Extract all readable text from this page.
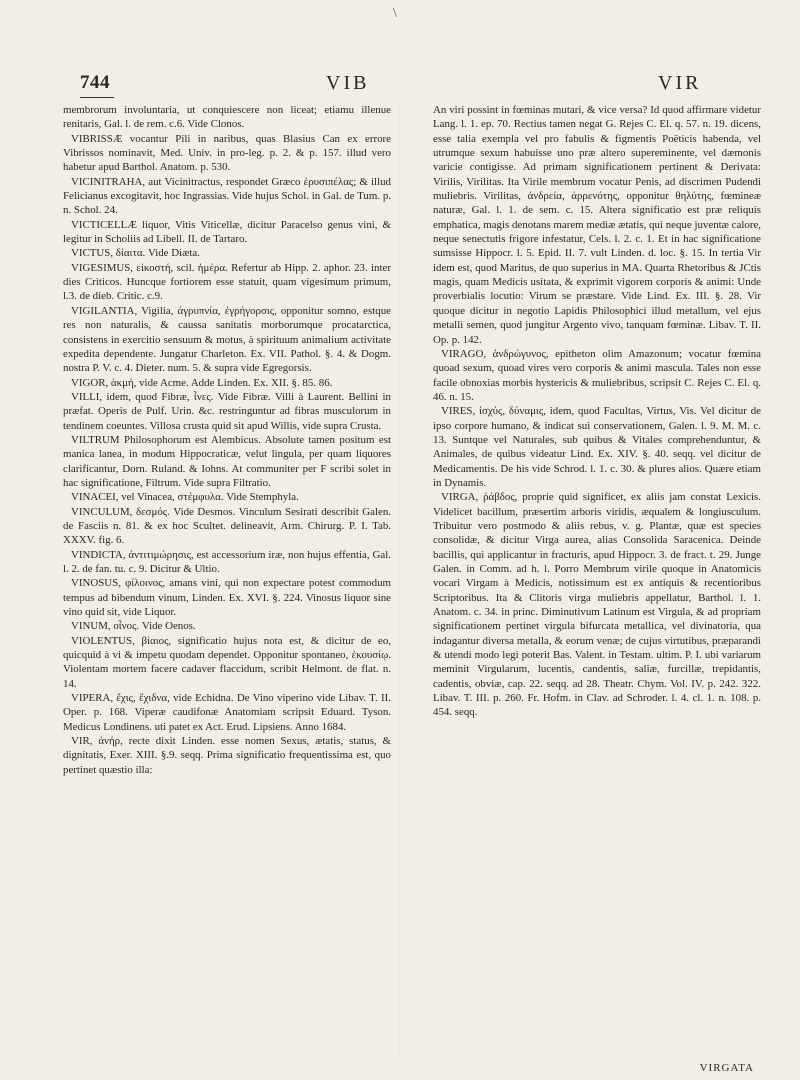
\
744	VIB	VIR

membrorum involuntaria, ut conquiescere non liceat; etiamu illenue renitaris, Gal. l. de rem. c.6. Vide Clonos.

VIBRISSÆ vocantur Pili in naribus, quas Blasius Can ex errore Vibrissos nominavit, Med. Univ. in pro-leg. p. 2. & p. 157. illud vero habetur apud Barthol. Anatom. p. 530.

VICINITRAHA, aut Vicinitractus, respondet Græco ἑρυσιπέλας; & illud Felicianus excogitavit, hoc Ingrassias. Vide hujus Schol. in Gal. de Tum. p. n. Schol. 24.

VICTICELLÆ liquor, Vitis Viticellæ, dicitur Paracelso genus vini, & legitur in Scholiis ad Libell. II. de Tartaro.

VICTUS, δίαιτα. Vide Diæta.

VIGESIMUS, εἰκοστή, scil. ἡμέρα. Refertur ab Hipp. 2. aphor. 23. inter dies Criticos. Huncque fortiorem esse statuit, quam vigesimum primum, l.3. de dieb. Critic. c.9.

VIGILANTIA, Vigilia, ἀγρυπνία, ἐγρήγορσις, opponitur somno, estque res non naturalis, & caussa sanitatis morborumque procatarctica, consistens in exercitio sensuum & motus, à spirituum animalium activitate expedita dependente. Jungatur Charleton. Ex. VII. Pathol. §. 4. & Dogm. nostra P. V. c. 4. Dieter. num. 5. & supra vide Egregorsis.

VIGOR, ἀκμή, vide Acme. Adde Linden. Ex. XII. §. 85. 86.

VILLI, idem, quod Fibræ, ἶνες. Vide Fibræ. Villi à Laurent. Bellini in præfat. Operis de Pulf. Urin. &c. restringuntur ad fibras musculorum in tendinem coeuntes. Villosa crusta quid sit apud Willis, vide supra Crusta.

VILTRUM Philosophorum est Alembicus. Absolute tamen positum est manica lanea, in modum Hippocraticæ, velut lingula, per quam liquores clarificantur, Dorn. Ruland. & Iohns. At communiter per F scribi solet in hac significatione, Filtrum. Vide supra Filtratio.

VINACEI, vel Vinacea, στέμφυλα. Vide Stemphyla.

VINCULUM, δεσμός. Vide Desmos. Vinculum Sesirati describit Galen. de Fasciis n. 81. & ex hoc Scultet. delineavit, Arm. Chirurg. P. I. Tab. XXXV. fig. 6.

VINDICTA, ἀντιτιμώρησις, est accessorium iræ, non hujus effentia, Gal. l. 2. de fan. tu. c. 9. Dicitur & Ultio.

VINOSUS, φίλοινος, amans vini, qui non expectare potest commodum tempus ad bibendum vinum, Linden. Ex. XVI. §. 224. Vinosus liquor sine vino quid sit, vide Liquor.

VINUM, οἶνος. Vide Oenos.

VIOLENTUS, βίαιος, significatio hujus nota est, & dicitur de eo, quicquid à vi & impetu quodam dependet. Opponitur spontaneo, ἑκουσίῳ. Violentam mortem facere cadaver flaccidum, scribit Helmont. de flat. n. 14.

VIPERA, ἔχις, ἔχιδνα, vide Echidna. De Vino viperino vide Libav. T. II. Oper. p. 168. Viperæ caudifonæ Anatomiam scripsit Eduard. Tyson. Medicus Londinens. uti patet ex Act. Erud. Lipsiens. Anno 1684.

VIR, ἀνήρ, recte dixit Linden. esse nomen Sexus, ætatis, status, & dignitatis, Exer. XIII. §.9. seqq. Prima significatio frequentissima est, quo pertinet quæstio illa:

An viri possint in fœminas mutari, & vice versa? Id quod affirmare videtur Lang. l. 1. ep. 70. Rectius tamen negat G. Rejes C. El. q. 57. n. 19. dicens, esse talia exempla vel pro fabulis & figmentis Poëticis habenda, vel utrumque sexum habuisse uno præ altero supereminente, vel dæmonis varicie contigisse. Ad primam significationem pertinent & Derivata: Virilis, Virilitas. Ita Virile membrum vocatur Penis, ad discrimen Pudendi muliebris. Virilitas, ἀνδρεία, ἀρρενότης, opponitur θηλύτης, fœmineæ naturæ, Gal. l. 1. de sem. c. 15. Altera significatio est præ reliquis emphatica, magis denotans marem mediæ ætatis, qui neque juventæ calore, neque senectutis frigore infestatur, Cels. l. 2. c. 1. Et in hac significatione sumsisse Hippocr. l. 5. Epid. II. 7. vult Linden. d. loc. §. 15. In tertia Vir idem est, quod Maritus, de quo superius in MA. Quarta Rhetoribus & JCtis magis, quam Medicis usitata, & exprimit vigorem corporis & animi: Unde proverbialis locutio: Virum se præstare. Vide Lind. Ex. III. §. 28. Vir quoque dicitur in negotio Lapidis Philosophici illud metallum, vel ejus metalli semen, quod jungitur Argento vivo, tanquam fœminæ. Libav. T. II. Op. p. 142.

VIRAGO, ἀνδρώγυνος, epitheton olim Amazonum; vocatur fœmina quoad sexum, quoad vires vero corporis & animi mascula. Tales non esse facile obnoxias morbis hystericis & muliebribus, scripsit C. Rejes C. El. q. 46. n. 15.

VIRES, ἰσχύς, δύναμις, idem, quod Facultas, Virtus, Vis. Vel dicitur de ipso corpore humano, & indicat sui conservationem, Galen. l. 9. M. M. c. 13. Suntque vel Naturales, sub quibus & Vitales comprehenduntur, & Animales, de quibus videatur Lind. Ex. XIV. §. 40. seqq. vel dicitur de Medicamentis. De his vide Schrod. l. 1. c. 30. & plures alios. Quære etiam in Dynamis.

VIRGA, ῥάβδος, proprie quid significet, ex aliis jam constat Lexicis. Videlicet bacillum, præsertim arboris viridis, æqualem & longiusculum. Tribuitur vero postmodo & aliis rebus, v. g. Plantæ, quæ est species consolidæ, & dicitur Virga aurea, alias Consolida Saracenica. Deinde bacillis, qui applicantur in fracturis, apud Hippocr. 3. de fract. t. 29. Junge Galen. in Comm. ad h. l. Porro Membrum virile quoque in Anatomicis vocari Virgam à Medicis, notissimum est ex antiquis & recentioribus Scriptoribus. Ita & Clitoris virga muliebris appellatur, Barthol. l. 1. Anatom. c. 34. in princ. Diminutivum Latinum est Virgula, & ad propriam significationem pertinet virgula bifurcata metallica, vel divinatoria, qua indagantur diversa metalla, & eorum venæ; de cujus virtutibus, præparandi & utendi modo legi poterit Bas. Valent. in Testam. ultim. P. I. ubi variarum meminit Virgularum, lucentis, candentis, saliæ, furcillæ, trepidantis, cadentis, obviæ, cap. 22. seqq. ad 28. Theatr. Chym. Vol. IV. p. 242. 322. Libav. T. III. p. 260. Fr. Hofm. in Clav. ad Schroder. l. 4. cl. 1. n. 108. p. 454. seqq.

VIRGATA
